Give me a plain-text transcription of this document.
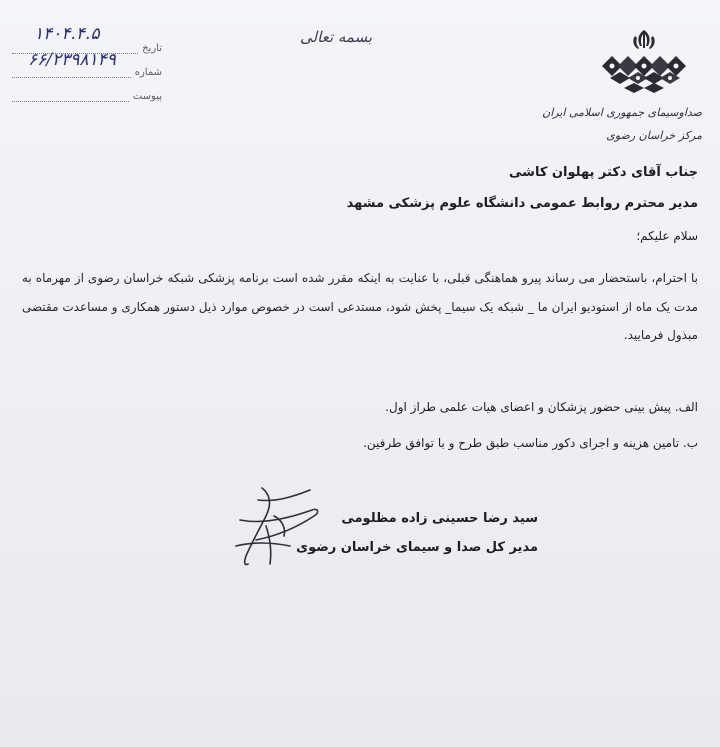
تاریخ
۱۴۰۴.۴.۵
شماره
۶۶/۲۳۹۸۱۴۹
پیوست
بسمه تعالی
صداوسیمای جمهوری اسلامی ایران
مرکز خراسان رضوی
جناب آقای دکتر پهلوان کاشی
مدیر محترم روابط عمومی دانشگاه علوم پزشکی مشهد
سلام علیکم؛
با احترام، باستحضار می رساند پیرو هماهنگی قبلی، با عنایت به اینکه مقرر شده است برنامه پزشکی شبکه خراسان رضوی از مهرماه به مدت یک ماه از استودیو ایران ما _ شبکه یک سیما_ پخش شود، مستدعی است در خصوص موارد ذیل دستور همکاری و مساعدت مقتضی مبذول فرمایید.
الف. پیش بینی حضور پزشکان و اعضای هیات علمی طراز اول.
ب. تامین هزینه و اجرای دکور مناسب طبق طرح و با توافق طرفین.
سید رضا حسینی زاده مظلومی
مدیر کل صدا و سیمای خراسان رضوی
